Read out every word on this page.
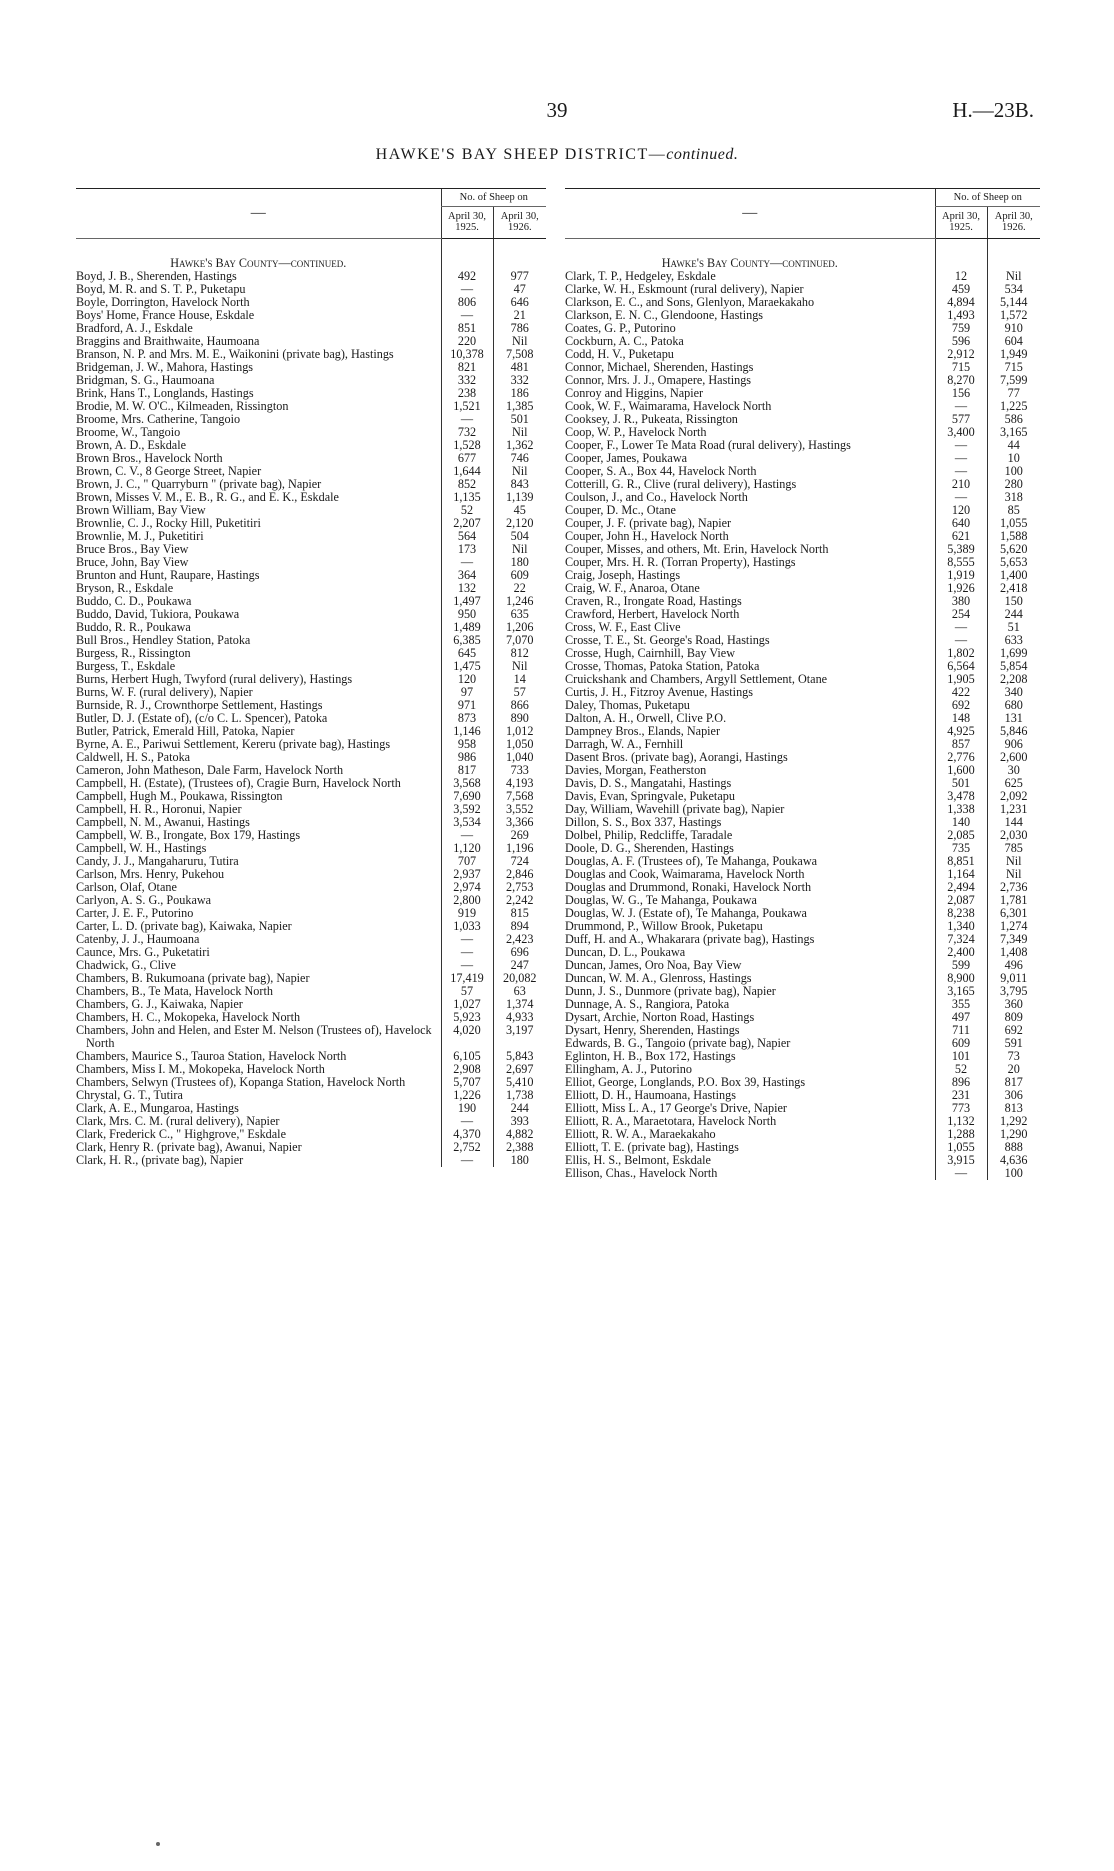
39	H.—23B.
HAWKE'S BAY SHEEP DISTRICT—continued.
—	No. of Sheep on	
	April 30, 1925.	April 30, 1926.

Hawke's Bay County—continued.		
Boyd, J. B., Sherenden, Hastings	492	977
Boyd, M. R. and S. T. P., Puketapu	—	47
Boyle, Dorrington, Havelock North	806	646
Boys' Home, France House, Eskdale	—	21
Bradford, A. J., Eskdale	851	786
Braggins and Braithwaite, Haumoana	220	Nil
Branson, N. P. and Mrs. M. E., Waikonini (private bag), Hastings	10,378	7,508
Bridgeman, J. W., Mahora, Hastings	821	481
Bridgman, S. G., Haumoana	332	332
Brink, Hans T., Longlands, Hastings	238	186
Brodie, M. W. O'C., Kilmeaden, Rissington	1,521	1,385
Broome, Mrs. Catherine, Tangoio	—	501
Broome, W., Tangoio	732	Nil
Brown, A. D., Eskdale	1,528	1,362
Brown Bros., Havelock North	677	746
Brown, C. V., 8 George Street, Napier	1,644	Nil
Brown, J. C., " Quarryburn " (private bag), Napier	852	843
Brown, Misses V. M., E. B., R. G., and E. K., Eskdale	1,135	1,139
Brown William, Bay View	52	45
Brownlie, C. J., Rocky Hill, Puketitiri	2,207	2,120
Brownlie, M. J., Puketitiri	564	504
Bruce Bros., Bay View	173	Nil
Bruce, John, Bay View	—	180
Brunton and Hunt, Raupare, Hastings	364	609
Bryson, R., Eskdale	132	22
Buddo, C. D., Poukawa	1,497	1,246
Buddo, David, Tukiora, Poukawa	950	635
Buddo, R. R., Poukawa	1,489	1,206
Bull Bros., Hendley Station, Patoka	6,385	7,070
Burgess, R., Rissington	645	812
Burgess, T., Eskdale	1,475	Nil
Burns, Herbert Hugh, Twyford (rural delivery), Hastings	120	14
Burns, W. F. (rural delivery), Napier	97	57
Burnside, R. J., Crownthorpe Settlement, Hastings	971	866
Butler, D. J. (Estate of), (c/o C. L. Spencer), Patoka	873	890
Butler, Patrick, Emerald Hill, Patoka, Napier	1,146	1,012
Byrne, A. E., Pariwui Settlement, Kereru (private bag), Hastings	958	1,050
Caldwell, H. S., Patoka	986	1,040
Cameron, John Matheson, Dale Farm, Havelock North	817	733
Campbell, H. (Estate), (Trustees of), Cragie Burn, Havelock North	3,568	4,193
Campbell, Hugh M., Poukawa, Rissington	7,690	7,568
Campbell, H. R., Horonui, Napier	3,592	3,552
Campbell, N. M., Awanui, Hastings	3,534	3,366
Campbell, W. B., Irongate, Box 179, Hastings	—	269
Campbell, W. H., Hastings	1,120	1,196
Candy, J. J., Mangaharuru, Tutira	707	724
Carlson, Mrs. Henry, Pukehou	2,937	2,846
Carlson, Olaf, Otane	2,974	2,753
Carlyon, A. S. G., Poukawa	2,800	2,242
Carter, J. E. F., Putorino	919	815
Carter, L. D. (private bag), Kaiwaka, Napier	1,033	894
Catenby, J. J., Haumoana	—	2,423
Caunce, Mrs. G., Puketatiri	—	696
Chadwick, G., Clive	—	247
Chambers, B. Rukumoana (private bag), Napier	17,419	20,082
Chambers, B., Te Mata, Havelock North	57	63
Chambers, G. J., Kaiwaka, Napier	1,027	1,374
Chambers, H. C., Mokopeka, Havelock North	5,923	4,933
Chambers, John and Helen, and Ester M. Nelson (Trustees of), Havelock North	4,020	3,197
Chambers, Maurice S., Tauroa Station, Havelock North	6,105	5,843
Chambers, Miss I. M., Mokopeka, Havelock North	2,908	2,697
Chambers, Selwyn (Trustees of), Kopanga Station, Havelock North	5,707	5,410
Chrystal, G. T., Tutira	1,226	1,738
Clark, A. E., Mungaroa, Hastings	190	244
Clark, Mrs. C. M. (rural delivery), Napier	—	393
Clark, Frederick C., " Highgrove," Eskdale	4,370	4,882
Clark, Henry R. (private bag), Awanui, Napier	2,752	2,388
Clark, H. R., (private bag), Napier	—	180
—	No. of Sheep on	
	April 30, 1925.	April 30, 1926.

Hawke's Bay County—continued.		
Clark, T. P., Hedgeley, Eskdale	12	Nil
Clarke, W. H., Eskmount (rural delivery), Napier	459	534
Clarkson, E. C., and Sons, Glenlyon, Maraekakaho	4,894	5,144
Clarkson, E. N. C., Glendoone, Hastings	1,493	1,572
Coates, G. P., Putorino	759	910
Cockburn, A. C., Patoka	596	604
Codd, H. V., Puketapu	2,912	1,949
Connor, Michael, Sherenden, Hastings	715	715
Connor, Mrs. J. J., Omapere, Hastings	8,270	7,599
Conroy and Higgins, Napier	156	77
Cook, W. F., Waimarama, Havelock North	—	1,225
Cooksey, J. R., Pukeata, Rissington	577	586
Coop, W. P., Havelock North	3,400	3,165
Cooper, F., Lower Te Mata Road (rural delivery), Hastings	—	44
Cooper, James, Poukawa	—	10
Cooper, S. A., Box 44, Havelock North	—	100
Cotterill, G. R., Clive (rural delivery), Hastings	210	280
Coulson, J., and Co., Havelock North	—	318
Couper, D. Mc., Otane	120	85
Couper, J. F. (private bag), Napier	640	1,055
Couper, John H., Havelock North	621	1,588
Couper, Misses, and others, Mt. Erin, Havelock North	5,389	5,620
Couper, Mrs. H. R. (Torran Property), Hastings	8,555	5,653
Craig, Joseph, Hastings	1,919	1,400
Craig, W. F., Anaroa, Otane	1,926	2,418
Craven, R., Irongate Road, Hastings	380	150
Crawford, Herbert, Havelock North	254	244
Cross, W. F., East Clive	—	51
Crosse, T. E., St. George's Road, Hastings	—	633
Crosse, Hugh, Cairnhill, Bay View	1,802	1,699
Crosse, Thomas, Patoka Station, Patoka	6,564	5,854
Cruickshank and Chambers, Argyll Settlement, Otane	1,905	2,208
Curtis, J. H., Fitzroy Avenue, Hastings	422	340
Daley, Thomas, Puketapu	692	680
Dalton, A. H., Orwell, Clive P.O.	148	131
Dampney Bros., Elands, Napier	4,925	5,846
Darragh, W. A., Fernhill	857	906
Dasent Bros. (private bag), Aorangi, Hastings	2,776	2,600
Davies, Morgan, Featherston	1,600	30
Davis, D. S., Mangatahi, Hastings	501	625
Davis, Evan, Springvale, Puketapu	3,478	2,092
Day, William, Wavehill (private bag), Napier	1,338	1,231
Dillon, S. S., Box 337, Hastings	140	144
Dolbel, Philip, Redcliffe, Taradale	2,085	2,030
Doole, D. G., Sherenden, Hastings	735	785
Douglas, A. F. (Trustees of), Te Mahanga, Poukawa	8,851	Nil
Douglas and Cook, Waimarama, Havelock North	1,164	Nil
Douglas and Drummond, Ronaki, Havelock North	2,494	2,736
Douglas, W. G., Te Mahanga, Poukawa	2,087	1,781
Douglas, W. J. (Estate of), Te Mahanga, Poukawa	8,238	6,301
Drummond, P., Willow Brook, Puketapu	1,340	1,274
Duff, H. and A., Whakarara (private bag), Hastings	7,324	7,349
Duncan, D. L., Poukawa	2,400	1,408
Duncan, James, Oro Noa, Bay View	599	496
Duncan, W. M. A., Glenross, Hastings	8,900	9,011
Dunn, J. S., Dunmore (private bag), Napier	3,165	3,795
Dunnage, A. S., Rangiora, Patoka	355	360
Dysart, Archie, Norton Road, Hastings	497	809
Dysart, Henry, Sherenden, Hastings	711	692
Edwards, B. G., Tangoio (private bag), Napier	609	591
Eglinton, H. B., Box 172, Hastings	101	73
Ellingham, A. J., Putorino	52	20
Elliot, George, Longlands, P.O. Box 39, Hastings	896	817
Elliott, D. H., Haumoana, Hastings	231	306
Elliott, Miss L. A., 17 George's Drive, Napier	773	813
Elliott, R. A., Maraetotara, Havelock North	1,132	1,292
Elliott, R. W. A., Maraekakaho	1,288	1,290
Elliott, T. E. (private bag), Hastings	1,055	888
Ellis, H. S., Belmont, Eskdale	3,915	4,636
Ellison, Chas., Havelock North	—	100
